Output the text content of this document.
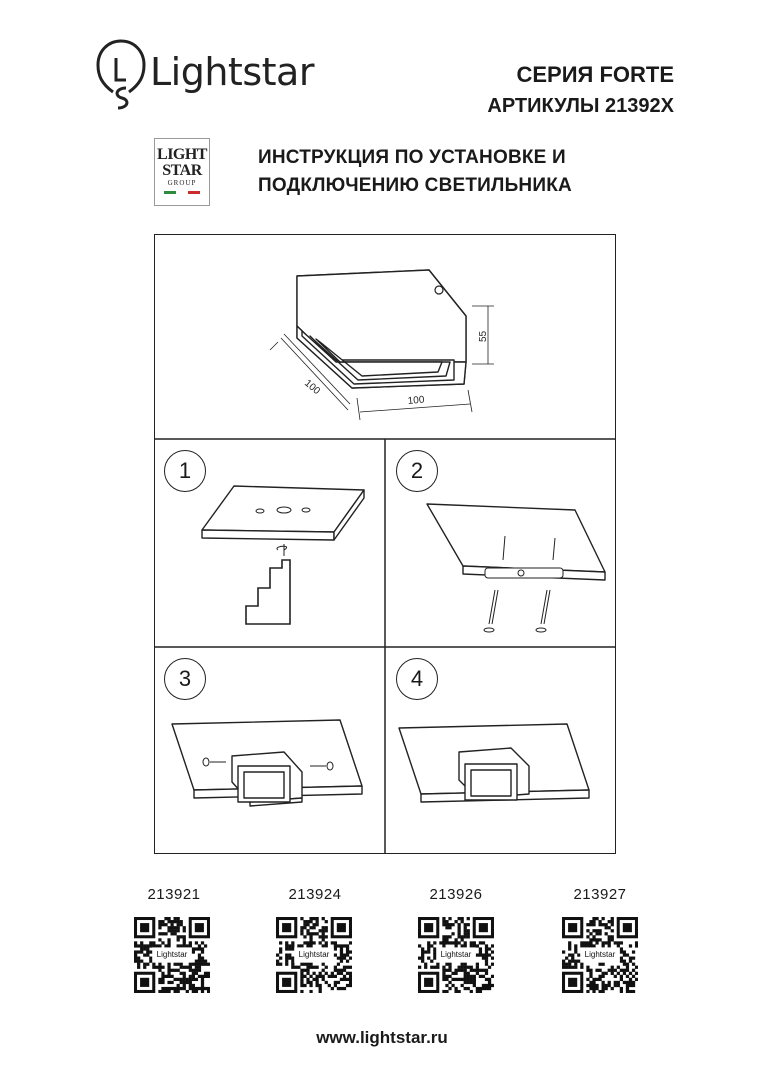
Lightstar	СЕРИЯ FORTE
АРТИКУЛЫ 21392X
LIGHT
STAR
GROUP
ИНСТРУКЦИЯ ПО УСТАНОВКЕ И
ПОДКЛЮЧЕНИЮ СВЕТИЛЬНИКА
55
100
100
1	2
3	4
213921	213924	213926	213927
Lightstar	Lightstar	Lightstar	Lightstar
www.lightstar.ru
